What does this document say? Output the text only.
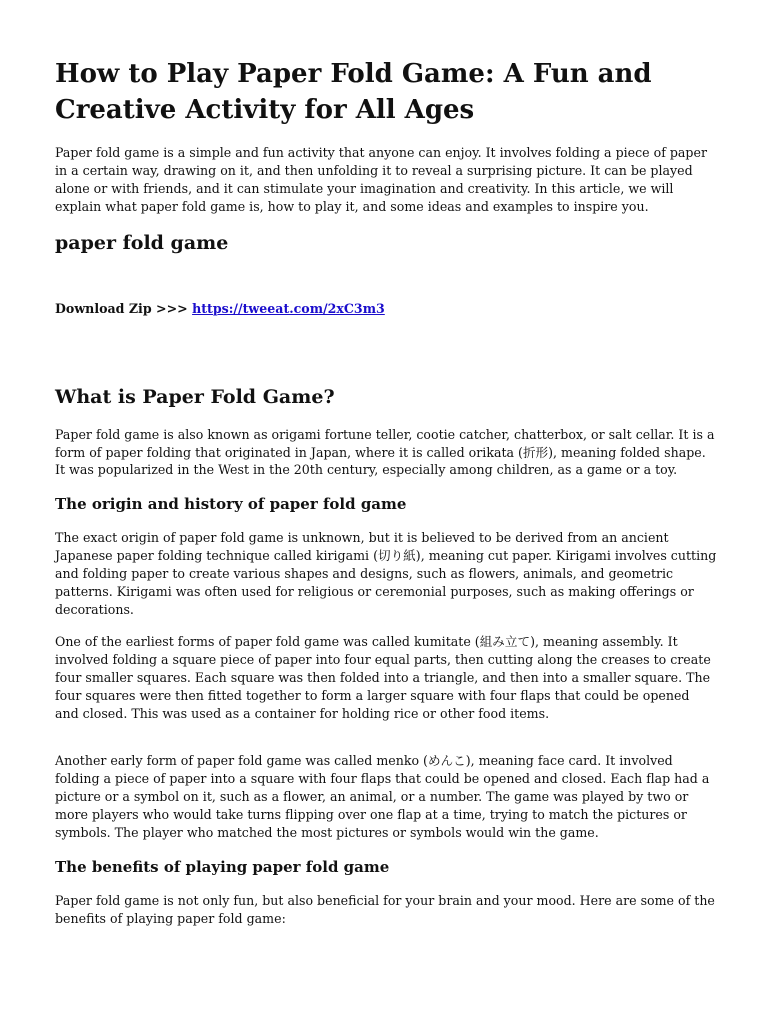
How to Play Paper Fold Game: A Fun and Creative Activity for All Ages

Paper fold game is a simple and fun activity that anyone can enjoy. It involves folding a piece of paper in a certain way, drawing on it, and then unfolding it to reveal a surprising picture. It can be played alone or with friends, and it can stimulate your imagination and creativity. In this article, we will explain what paper fold game is, how to play it, and some ideas and examples to inspire you.

paper fold game
Download Zip >>> https://tweeat.com/2xC3m3
What is Paper Fold Game?

Paper fold game is also known as origami fortune teller, cootie catcher, chatterbox, or salt cellar. It is a form of paper folding that originated in Japan, where it is called orikata (折形), meaning folded shape. It was popularized in the West in the 20th century, especially among children, as a game or a toy.

The origin and history of paper fold game

The exact origin of paper fold game is unknown, but it is believed to be derived from an ancient Japanese paper folding technique called kirigami (切り紙), meaning cut paper. Kirigami involves cutting and folding paper to create various shapes and designs, such as flowers, animals, and geometric patterns. Kirigami was often used for religious or ceremonial purposes, such as making offerings or decorations.

One of the earliest forms of paper fold game was called kumitate (組み立て), meaning assembly. It involved folding a square piece of paper into four equal parts, then cutting along the creases to create four smaller squares. Each square was then folded into a triangle, and then into a smaller square. The four squares were then fitted together to form a larger square with four flaps that could be opened and closed. This was used as a container for holding rice or other food items.

Another early form of paper fold game was called menko (めんこ), meaning face card. It involved folding a piece of paper into a square with four flaps that could be opened and closed. Each flap had a picture or a symbol on it, such as a flower, an animal, or a number. The game was played by two or more players who would take turns flipping over one flap at a time, trying to match the pictures or symbols. The player who matched the most pictures or symbols would win the game.

The benefits of playing paper fold game

Paper fold game is not only fun, but also beneficial for your brain and your mood. Here are some of the benefits of playing paper fold game:
